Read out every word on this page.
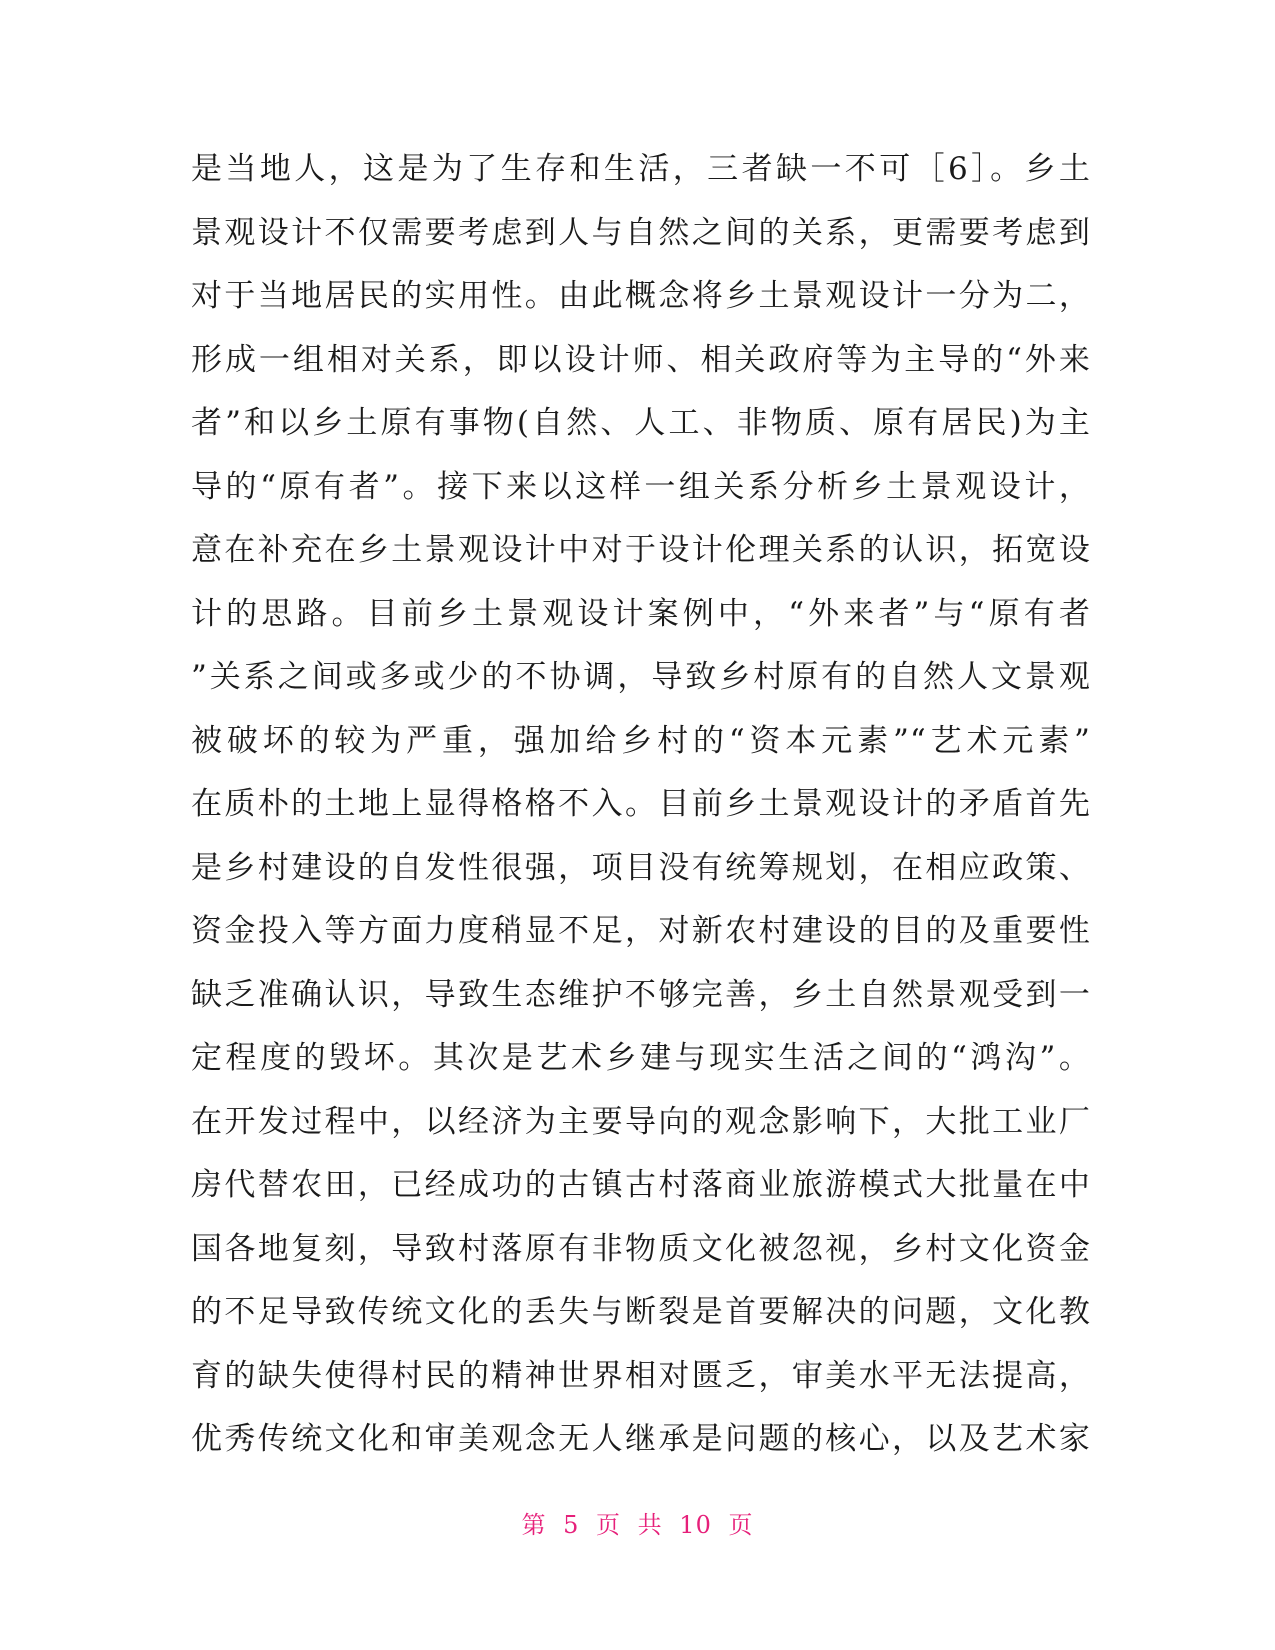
是当地人，这是为了生存和生活，三者缺一不可［6］。乡土
景观设计不仅需要考虑到人与自然之间的关系，更需要考虑到
对于当地居民的实用性。由此概念将乡土景观设计一分为二，
形成一组相对关系，即以设计师、相关政府等为主导的“外来
者”和以乡土原有事物(自然、人工、非物质、原有居民)为主
导的“原有者”。接下来以这样一组关系分析乡土景观设计，
意在补充在乡土景观设计中对于设计伦理关系的认识，拓宽设
计的思路。目前乡土景观设计案例中，“外来者”与“原有者
”关系之间或多或少的不协调，导致乡村原有的自然人文景观
被破坏的较为严重，强加给乡村的“资本元素”“艺术元素”
在质朴的土地上显得格格不入。目前乡土景观设计的矛盾首先
是乡村建设的自发性很强，项目没有统筹规划，在相应政策、
资金投入等方面力度稍显不足，对新农村建设的目的及重要性
缺乏准确认识，导致生态维护不够完善，乡土自然景观受到一
定程度的毁坏。其次是艺术乡建与现实生活之间的“鸿沟”。
在开发过程中，以经济为主要导向的观念影响下，大批工业厂
房代替农田，已经成功的古镇古村落商业旅游模式大批量在中
国各地复刻，导致村落原有非物质文化被忽视，乡村文化资金
的不足导致传统文化的丢失与断裂是首要解决的问题，文化教
育的缺失使得村民的精神世界相对匮乏，审美水平无法提高，
优秀传统文化和审美观念无人继承是问题的核心，以及艺术家
第 5 页 共 10 页
